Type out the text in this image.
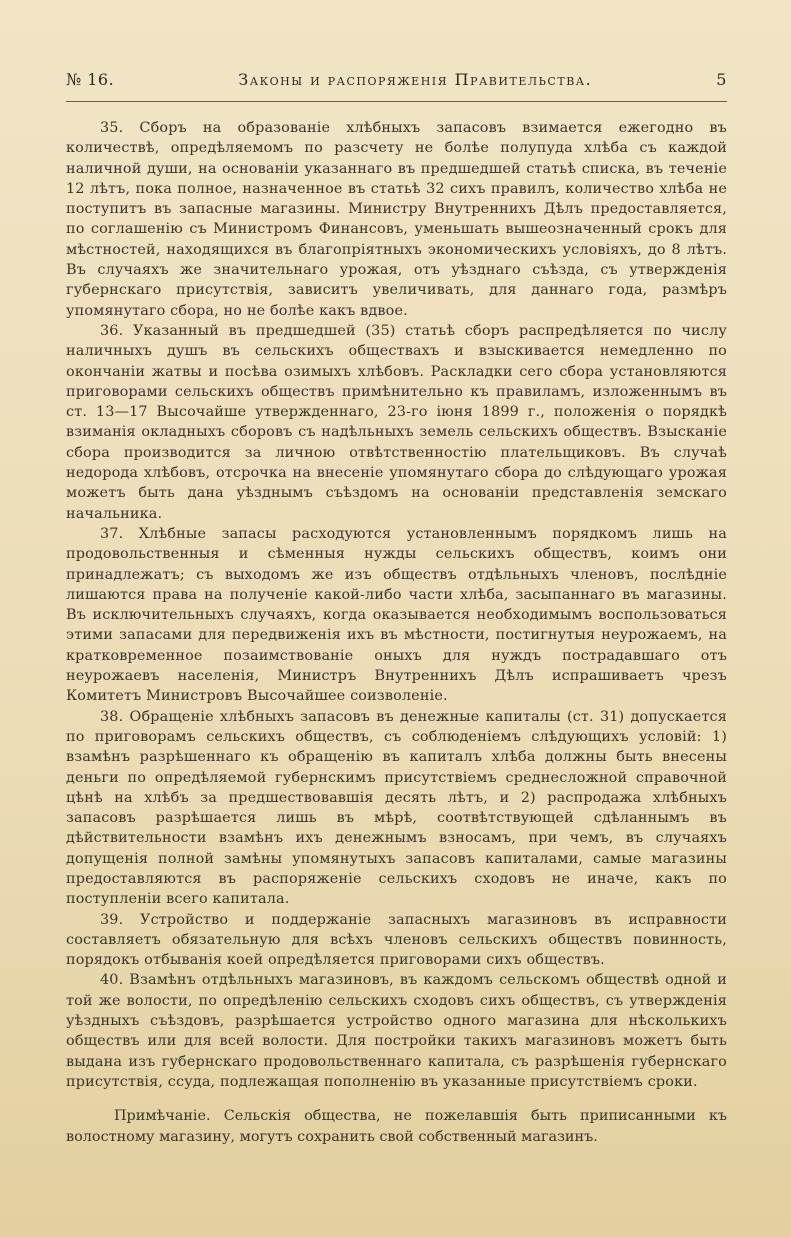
№ 16.	Законы и распоряженія Правительства.	5

35. Сборъ на образованіе хлѣбныхъ запасовъ взимается ежегодно въ количествѣ, опредѣляемомъ по разсчету не болѣе полупуда хлѣба съ каждой наличной души, на основаніи указаннаго въ предшедшей статьѣ списка, въ теченіе 12 лѣтъ, пока полное, назначенное въ статьѣ 32 сихъ правилъ, количество хлѣба не поступитъ въ запасные магазины. Министру Внутреннихъ Дѣлъ предоставляется, по соглашенію съ Министромъ Финансовъ, уменьшать вышеозначенный срокъ для мѣстностей, находящихся въ благопріятныхъ экономическихъ условіяхъ, до 8 лѣтъ. Въ случаяхъ же значительнаго урожая, отъ уѣзднаго съѣзда, съ утвержденія губернскаго присутствія, зависитъ увеличивать, для даннаго года, размѣръ упомянутаго сбора, но не болѣе какъ вдвое.

36. Указанный въ предшедшей (35) статьѣ сборъ распредѣляется по числу наличныхъ душъ въ сельскихъ обществахъ и взыскивается немедленно по окончаніи жатвы и посѣва озимыхъ хлѣбовъ. Раскладки сего сбора установляются приговорами сельскихъ обществъ примѣнительно къ правиламъ, изложеннымъ въ ст. 13—17 Высочайше утвержденнаго, 23-го іюня 1899 г., положенія о порядкѣ взиманія окладныхъ сборовъ съ надѣльныхъ земель сельскихъ обществъ. Взысканіе сбора производится за личною отвѣтственностію плательщиковъ. Въ случаѣ недорода хлѣбовъ, отсрочка на внесеніе упомянутаго сбора до слѣдующаго урожая можетъ быть дана уѣзднымъ съѣздомъ на основаніи представленія земскаго начальника.

37. Хлѣбные запасы расходуются установленнымъ порядкомъ лишь на продовольственныя и сѣменныя нужды сельскихъ обществъ, коимъ они принадлежатъ; съ выходомъ же изъ обществъ отдѣльныхъ членовъ, послѣдніе лишаются права на полученіе какой-либо части хлѣба, засыпаннаго въ магазины. Въ исключительныхъ случаяхъ, когда оказывается необходимымъ воспользоваться этими запасами для передвиженія ихъ въ мѣстности, постигнутыя неурожаемъ, на кратковременное позаимствованіе оныхъ для нуждъ пострадавшаго отъ неурожаевъ населенія, Министръ Внутреннихъ Дѣлъ испрашиваетъ чрезъ Комитетъ Министровъ Высочайшее соизволеніе.

38. Обращеніе хлѣбныхъ запасовъ въ денежные капиталы (ст. 31) допускается по приговорамъ сельскихъ обществъ, съ соблюденіемъ слѣдующихъ условій: 1) взамѣнъ разрѣшеннаго къ обращенію въ капиталъ хлѣба должны быть внесены деньги по опредѣляемой губернскимъ присутствіемъ среднесложной справочной цѣнѣ на хлѣбъ за предшествовавшія десять лѣтъ, и 2) распродажа хлѣбныхъ запасовъ разрѣшается лишь въ мѣрѣ, соотвѣтствующей сдѣланнымъ въ дѣйствительности взамѣнъ ихъ денежнымъ взносамъ, при чемъ, въ случаяхъ допущенія полной замѣны упомянутыхъ запасовъ капиталами, самые магазины предоставляются въ распоряженіе сельскихъ сходовъ не иначе, какъ по поступленіи всего капитала.

39. Устройство и поддержаніе запасныхъ магазиновъ въ исправности составляетъ обязательную для всѣхъ членовъ сельскихъ обществъ повинность, порядокъ отбыванія коей опредѣляется приговорами сихъ обществъ.

40. Взамѣнъ отдѣльныхъ магазиновъ, въ каждомъ сельскомъ обществѣ одной и той же волости, по опредѣленію сельскихъ сходовъ сихъ обществъ, съ утвержденія уѣздныхъ съѣздовъ, разрѣшается устройство одного магазина для нѣсколькихъ обществъ или для всей волости. Для постройки такихъ магазиновъ можетъ быть выдана изъ губернскаго продовольственнаго капитала, съ разрѣшенія губернскаго присутствія, ссуда, подлежащая пополненію въ указанные присутствіемъ сроки.

Примѣчаніе. Сельскія общества, не пожелавшія быть приписанными къ волостному магазину, могутъ сохранить свой собственный магазинъ.
